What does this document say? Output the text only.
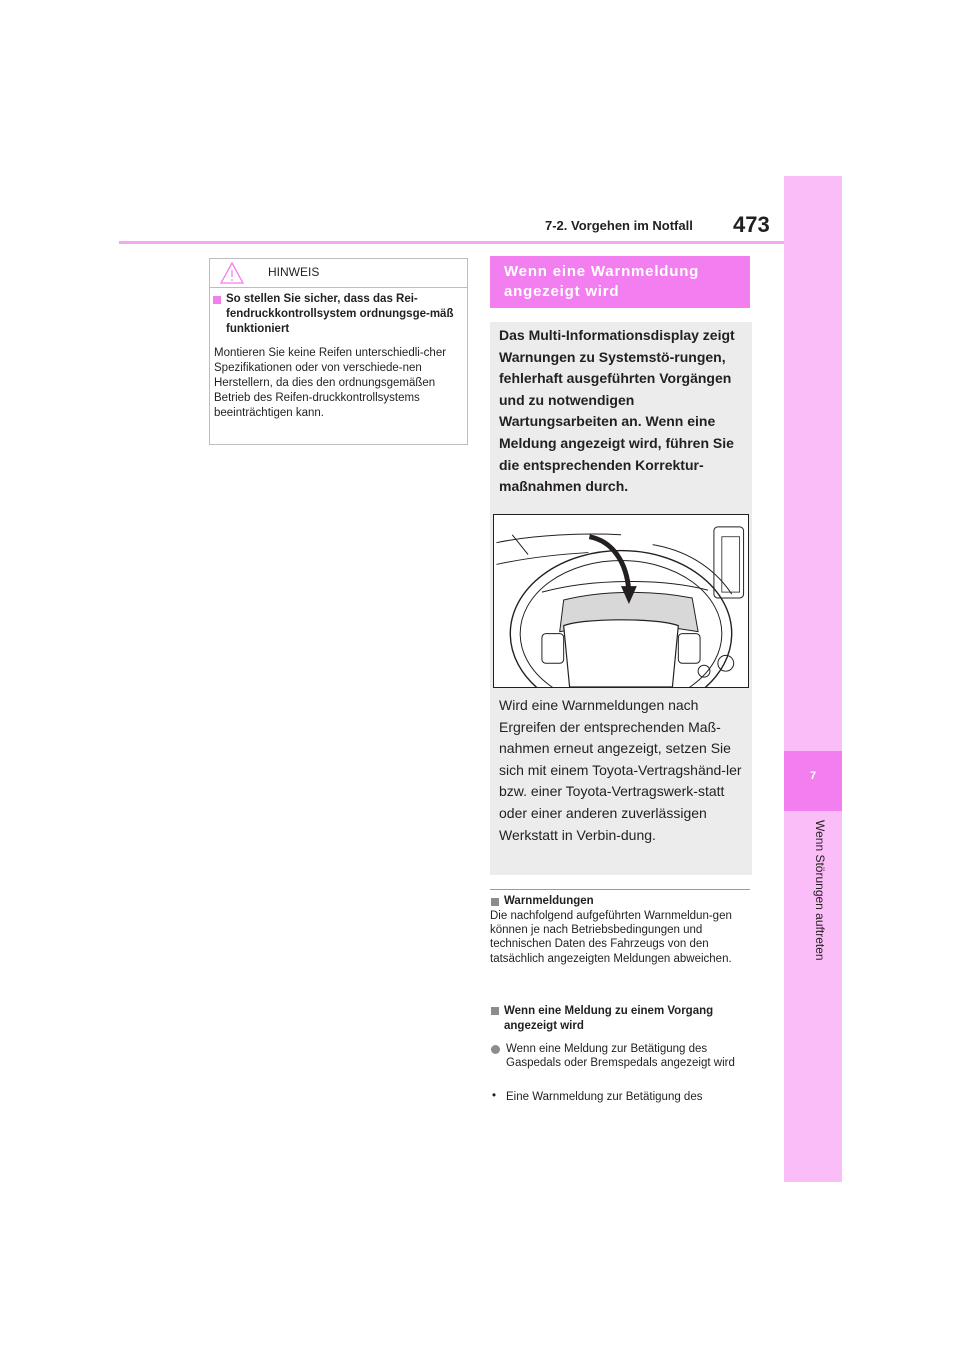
7-2. Vorgehen im Notfall 473
7
Wenn Störungen auftreten
HINWEIS
So stellen Sie sicher, dass das Rei-fendruckkontrollsystem ordnungsge-mäß funktioniert
Montieren Sie keine Reifen unterschiedli-cher Spezifikationen oder von verschiede-nen Herstellern, da dies den ordnungsgemäßen Betrieb des Reifen-druckkontrollsystems beeinträchtigen kann.
Wenn eine Warnmeldung angezeigt wird
Das Multi-Informationsdisplay zeigt Warnungen zu Systemstö-rungen, fehlerhaft ausgeführten Vorgängen und zu notwendigen Wartungsarbeiten an. Wenn eine Meldung angezeigt wird, führen Sie die entsprechenden Korrektur-maßnahmen durch.
Wird eine Warnmeldungen nach Ergreifen der entsprechenden Maß-nahmen erneut angezeigt, setzen Sie sich mit einem Toyota-Vertragshänd-ler bzw. einer Toyota-Vertragswerk-statt oder einer anderen zuverlässigen Werkstatt in Verbin-dung.
Warnmeldungen
Die nachfolgend aufgeführten Warnmeldun-gen können je nach Betriebsbedingungen und technischen Daten des Fahrzeugs von den tatsächlich angezeigten Meldungen abweichen.
Wenn eine Meldung zu einem Vorgang angezeigt wird
Wenn eine Meldung zur Betätigung des Gaspedals oder Bremspedals angezeigt wird
• Eine Warnmeldung zur Betätigung des
